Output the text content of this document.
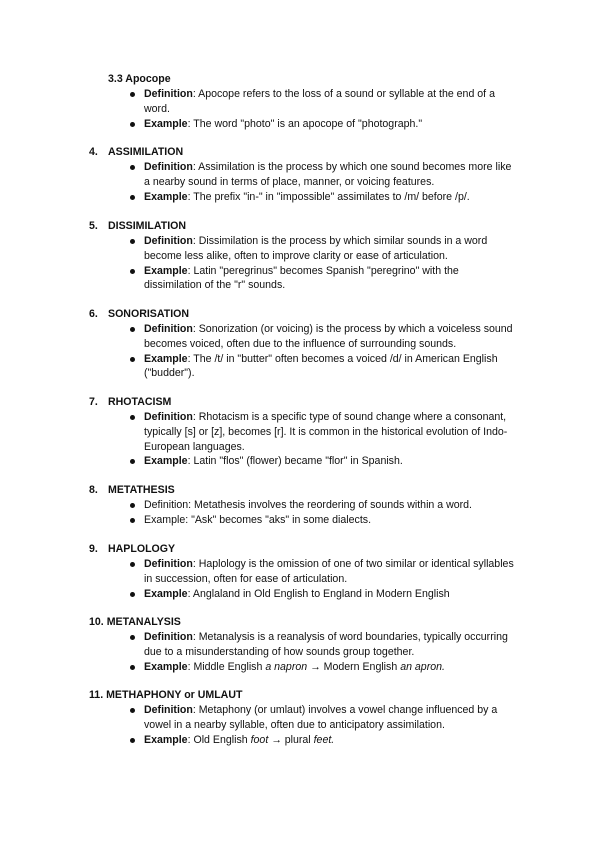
3.3 Apocope
Definition: Apocope refers to the loss of a sound or syllable at the end of a word.
Example: The word "photo" is an apocope of "photograph."
4. ASSIMILATION
Definition: Assimilation is the process by which one sound becomes more like a nearby sound in terms of place, manner, or voicing features.
Example: The prefix "in-" in "impossible" assimilates to /m/ before /p/.
5. DISSIMILATION
Definition: Dissimilation is the process by which similar sounds in a word become less alike, often to improve clarity or ease of articulation.
Example: Latin "peregrinus" becomes Spanish "peregrino" with the dissimilation of the "r" sounds.
6. SONORISATION
Definition: Sonorization (or voicing) is the process by which a voiceless sound becomes voiced, often due to the influence of surrounding sounds.
Example: The /t/ in "butter" often becomes a voiced /d/ in American English ("budder").
7. RHOTACISM
Definition: Rhotacism is a specific type of sound change where a consonant, typically [s] or [z], becomes [r]. It is common in the historical evolution of Indo-European languages.
Example: Latin "flos" (flower) became "flor" in Spanish.
8. METATHESIS
Definition: Metathesis involves the reordering of sounds within a word.
Example: "Ask" becomes "aks" in some dialects.
9. HAPLOLOGY
Definition: Haplology is the omission of one of two similar or identical syllables in succession, often for ease of articulation.
Example: Anglaland in Old English to England in Modern English
10. METANALYSIS
Definition: Metanalysis is a reanalysis of word boundaries, typically occurring due to a misunderstanding of how sounds group together.
Example: Middle English a napron → Modern English an apron.
11. METHAPHONY or UMLAUT
Definition: Metaphony (or umlaut) involves a vowel change influenced by a vowel in a nearby syllable, often due to anticipatory assimilation.
Example: Old English foot → plural feet.
